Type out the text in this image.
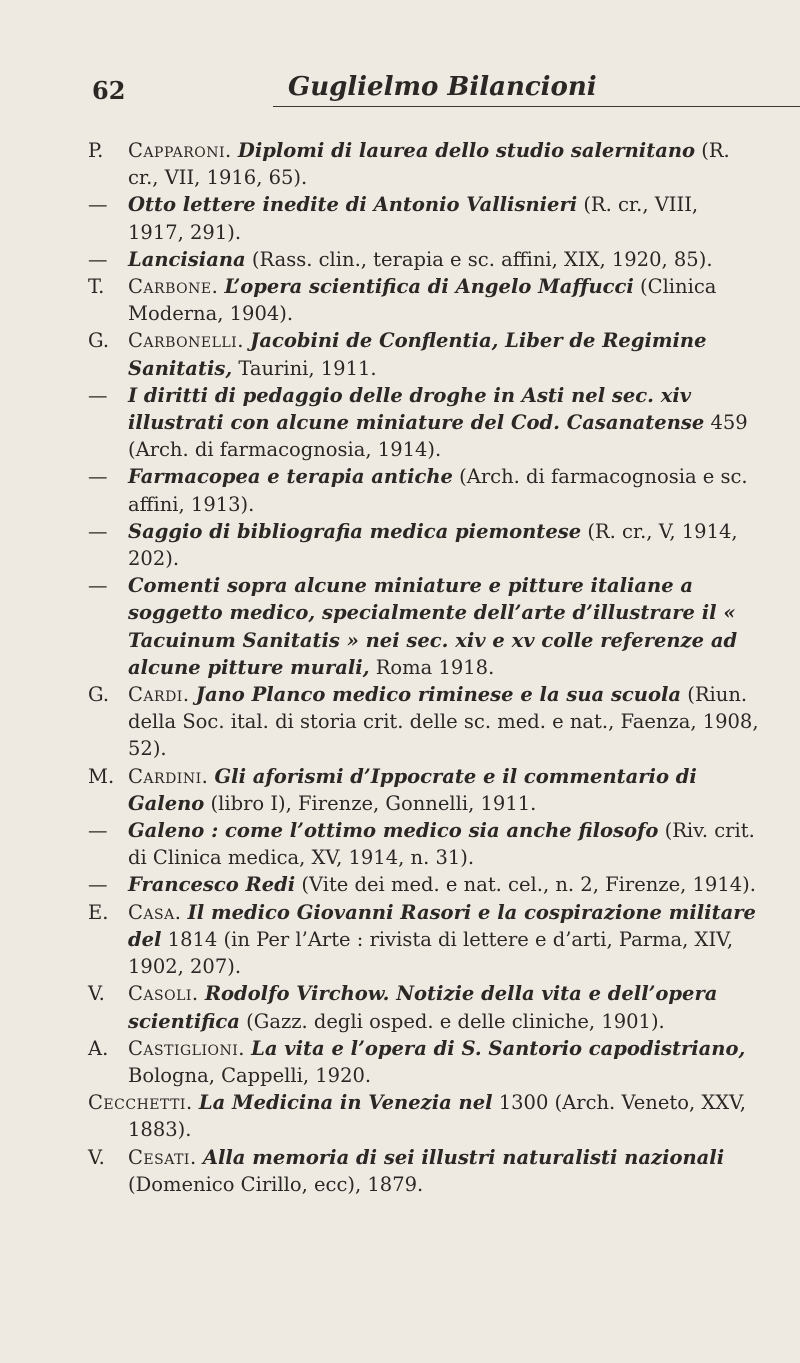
62	Guglielmo Bilancioni
P. Capparoni. Diplomi di laurea dello studio salernitano (R. cr., VII, 1916, 65).
— Otto lettere inedite di Antonio Vallisnieri (R. cr., VIII, 1917, 291).
— Lancisiana (Rass. clin., terapia e sc. affini, XIX, 1920, 85).
T. Carbone. L’opera scientifica di Angelo Maffucci (Clinica Moderna, 1904).
G. Carbonelli. Jacobini de Conflentia, Liber de Regimine Sanitatis, Taurini, 1911.
— I diritti di pedaggio delle droghe in Asti nel sec. xiv illustrati con alcune miniature del Cod. Casanatense 459 (Arch. di farmacognosia, 1914).
— Farmacopea e terapia antiche (Arch. di farmacognosia e sc. affini, 1913).
— Saggio di bibliografia medica piemontese (R. cr., V, 1914, 202).
— Comenti sopra alcune miniature e pitture italiane a soggetto medico, specialmente dell’arte d’illustrare il « Tacuinum Sanitatis » nei sec. xiv e xv colle referenze ad alcune pitture murali, Roma 1918.
G. Cardi. Jano Planco medico riminese e la sua scuola (Riun. della Soc. ital. di storia crit. delle sc. med. e nat., Faenza, 1908, 52).
M. Cardini. Gli aforismi d’Ippocrate e il commentario di Galeno (libro I), Firenze, Gonnelli, 1911.
— Galeno : come l’ottimo medico sia anche filosofo (Riv. crit. di Clinica medica, XV, 1914, n. 31).
— Francesco Redi (Vite dei med. e nat. cel., n. 2, Firenze, 1914).
E. Casa. Il medico Giovanni Rasori e la cospirazione militare del 1814 (in Per l’Arte : rivista di lettere e d’arti, Parma, XIV, 1902, 207).
V. Casoli. Rodolfo Virchow. Notizie della vita e dell’opera scientifica (Gazz. degli osped. e delle cliniche, 1901).
A. Castiglioni. La vita e l’opera di S. Santorio capodistriano, Bologna, Cappelli, 1920.
Cecchetti. La Medicina in Venezia nel 1300 (Arch. Veneto, XXV, 1883).
V. Cesati. Alla memoria di sei illustri naturalisti nazionali (Domenico Cirillo, ecc), 1879.
